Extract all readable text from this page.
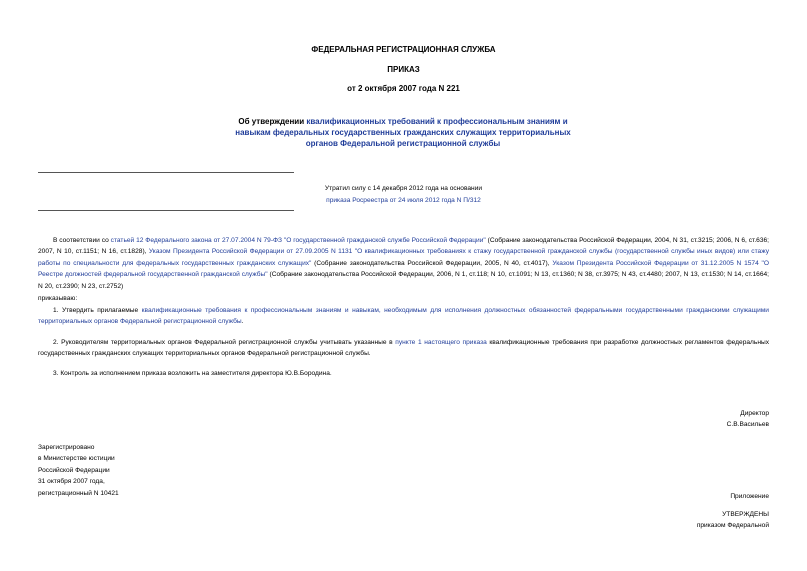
ФЕДЕРАЛЬНАЯ РЕГИСТРАЦИОННАЯ СЛУЖБА
ПРИКАЗ
от 2 октября 2007 года N 221
Об утверждении квалификационных требований к профессиональным знаниям и навыкам федеральных государственных гражданских служащих территориальных органов Федеральной регистрационной службы
Утратил силу с 14 декабря 2012 года на основании
приказа Росреестра от 24 июля 2012 года N П/312

В соответствии со статьей 12 Федерального закона от 27.07.2004 N 79-ФЗ "О государственной гражданской службе Российской Федерации" (Собрание законодательства Российской Федерации, 2004, N 31, ст.3215; 2006, N 6, ст.636; 2007, N 10, ст.1151; N 16, ст.1828), Указом Президента Российской Федерации от 27.09.2005 N 1131 "О квалификационных требованиях к стажу государственной гражданской службы (государственной службы иных видов) или стажу работы по специальности для федеральных государственных гражданских служащих" (Собрание законодательства Российской Федерации, 2005, N 40, ст.4017), Указом Президента Российской Федерации от 31.12.2005 N 1574 "О Реестре должностей федеральной государственной гражданской службы" (Собрание законодательства Российской Федерации, 2006, N 1, ст.118; N 10, ст.1091; N 13, ст.1360; N 38, ст.3975; N 43, ст.4480; 2007, N 13, ст.1530; N 14, ст.1664; N 20, ст.2390; N 23, ст.2752)

приказываю:

1. Утвердить прилагаемые квалификационные требования к профессиональным знаниям и навыкам, необходимым для исполнения должностных обязанностей федеральными государственными гражданскими служащими территориальных органов Федеральной регистрационной службы.

2. Руководителям территориальных органов Федеральной регистрационной службы учитывать указанные в пункте 1 настоящего приказа квалификационные требования при разработке должностных регламентов федеральных государственных гражданских служащих территориальных органов Федеральной регистрационной службы.

3. Контроль за исполнением приказа возложить на заместителя директора Ю.В.Бородина.

Директор
С.В.Васильев
Зарегистрировано
в Министерстве юстиции
Российской Федерации
31 октября 2007 года,
регистрационный N 10421	Приложение
УТВЕРЖДЕНЫ
приказом Федеральной
